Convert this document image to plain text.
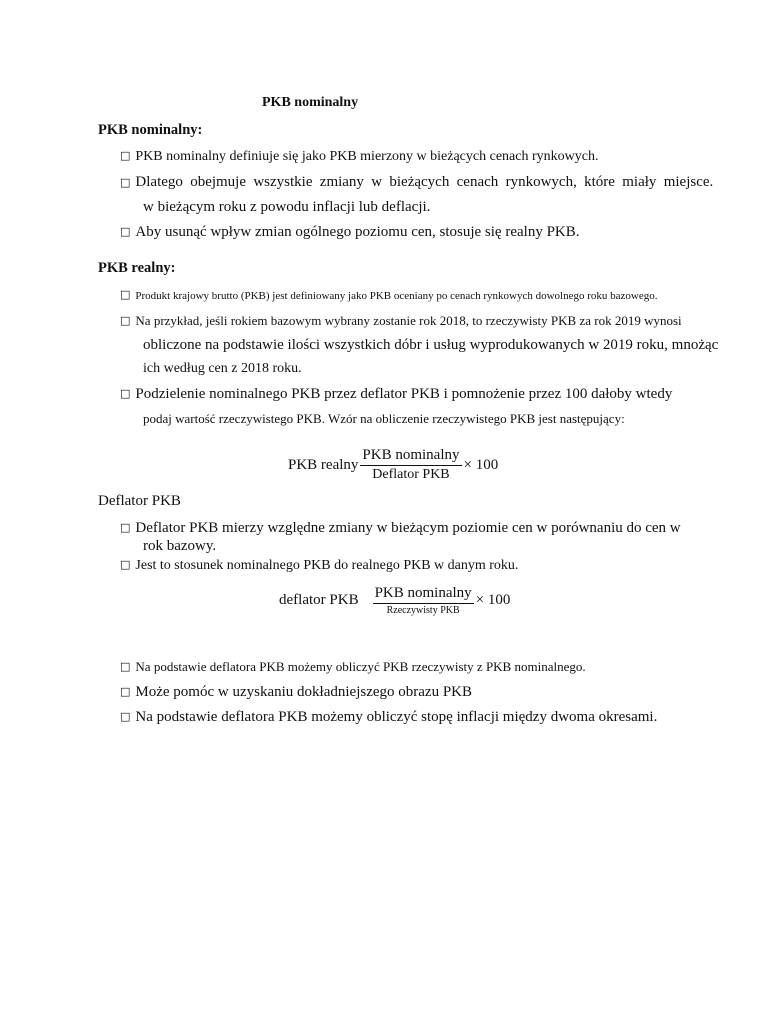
PKB nominalny
PKB nominalny:
□ PKB nominalny definiuje się jako PKB mierzony w bieżących cenach rynkowych.
□ Dlatego obejmuje wszystkie zmiany w bieżących cenach rynkowych, które miały miejsce.
w bieżącym roku z powodu inflacji lub deflacji.
□ Aby usunąć wpływ zmian ogólnego poziomu cen, stosuje się realny PKB.
PKB realny:
□ Produkt krajowy brutto (PKB) jest definiowany jako PKB oceniany po cenach rynkowych dowolnego roku bazowego.
□ Na przykład, jeśli rokiem bazowym wybrany zostanie rok 2018, to rzeczywisty PKB za rok 2019 wynosi
obliczone na podstawie ilości wszystkich dóbr i usług wyprodukowanych w 2019 roku, mnożąc
ich według cen z 2018 roku.
□ Podzielenie nominalnego PKB przez deflator PKB i pomnożenie przez 100 dałoby wtedy
podaj wartość rzeczywistego PKB. Wzór na obliczenie rzeczywistego PKB jest następujący:
PKB realny $\frac{\text{PKB nominalny}}{\text{Deflator PKB}} \times 100$
Deflator PKB
□ Deflator PKB mierzy względne zmiany w bieżącym poziomie cen w porównaniu do cen w
rok bazowy.
□ Jest to stosunek nominalnego PKB do realnego PKB w danym roku.
deflator PKB $\frac{\text{PKB nominalny}}{\text{Rzeczywisty PKB}} \times 100$
□ Na podstawie deflatora PKB możemy obliczyć PKB rzeczywisty z PKB nominalnego.
□ Może pomóc w uzyskaniu dokładniejszego obrazu PKB
□ Na podstawie deflatora PKB możemy obliczyć stopę inflacji między dwoma okresami.
